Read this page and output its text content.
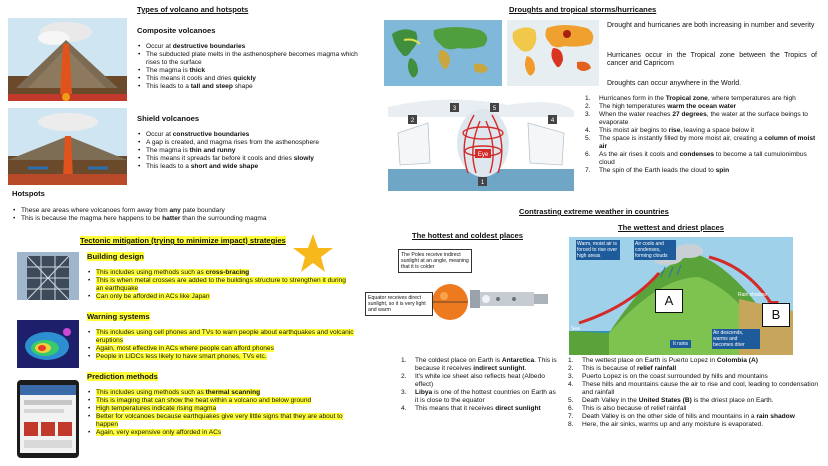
Types of volcano and hotspots
Composite volcanoes
• Occur at destructive boundaries
• The subducted plate melts in the asthenosphere becomes magma which rises to the surface
• The magma is thick
• This means it cools and dries quickly
• This leads to a tall and steep shape
Shield volcanoes
• Occur at constructive boundaries
• A gap is created, and magma rises from the asthenosphere
• The magma is thin and runny
• This means it spreads far before it cools and dries slowly
• This leads to a short and wide shape
Hotspots
• These are areas where volcanoes form away from any pate boundary
• This is because the magma here happens to be hatter than the surrounding magma
Tectonic mitigation (trying to minimize impact) strategies
Building design
• This includes using methods such as cross-bracing
• This is when metal crosses are added to the buildings structure to strengthen it during an earthquake
• Can only be afforded in ACs like Japan
Warning systems
• This includes using cell phones and TVs to warn people about earthquakes and volcanic eruptions
• Again, most effective in ACs where people can afford phones
• People in LIDCs less likely to have smart phones, TVs etc.
Prediction methods
• This includes using methods such as thermal scanning
• This is imaging that can show the heat within a volcano and below ground
• High temperatures indicate rising magma
• Better for volcanoes because earthquakes give very little signs that they are about to happen
• Again, very expensive only afforded in ACs
Droughts and tropical storms/hurricanes
Drought and hurricanes are both increasing in number and severity
Hurricanes occur in the Tropical zone between the Tropics of cancer and Capricorn
Droughts can occur anywhere in the World.
Eye
1
2
3
4
5
1. Hurricanes form in the Tropical zone, where temperatures are high
2. The high temperatures warm the ocean water
3. When the water reaches 27 degrees, the water at the surface beings to evaporate
4. This moist air begins to rise, leaving a space below it
5. The space is instantly filled by more moist air, creating a column of moist air
6. As the air rises it cools and condenses to become a tall cumulonimbus cloud
7. The spin of the Earth leads the cloud to spin
Contrasting extreme weather in countries
The hottest and coldest places
The wettest and driest places
The Poles receive indirect sunlight at an angle, meaning that it is colder
Equator receives direct sunlight, so it is very light and warm
Warm, moist air is forced to rise over high areas
Air cools and condenses, forming clouds
Air descends, warms and becomes drier
It rains
Sea
Rain shadow
A
B
1. The coldest place on Earth is Antarctica. This is because it receives indirect sunlight.
2. It's white ice sheet also reflects heat (Albedo effect)
3. Libya is one of the hottest countries on Earth as it is close to the equator
4. This means that it receives direct sunlight
1. The wettest place on Earth is Puerto Lopez in Colombia (A)
2. This is because of relief rainfall
3. Puerto Lopez is on the coast surrounded by hills and mountains
4. These hills and mountains cause the air to rise and cool, leading to condensation and rainfall
5. Death Valley in the United States (B) is the driest place on Earth.
6. This is also because of relief rainfall
7. Death Valley is on the other side of hills and mountains in a rain shadow
8. Here, the air sinks, warms up and any moisture is evaporated.
